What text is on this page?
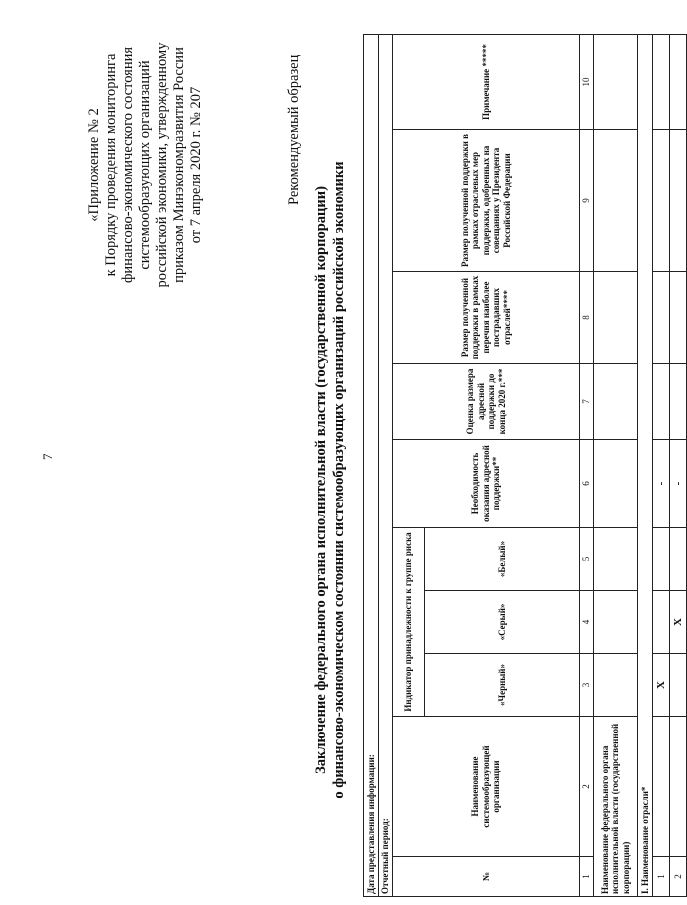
7
«Приложение № 2 к Порядку проведения мониторинга финансово-экономического состояния системообразующих организаций российской экономики, утвержденному приказом Минэкономразвития России от 7 апреля 2020 г. № 207	Рекомендуемый образец
Заключение федерального органа исполнительной власти (государственной корпорации) о финансово-экономическом состоянии системообразующих организаций российской экономики
Дата представления информации:									
Отчетный период:									
№	Наименование системообразующей организации	Индикатор принадлежности к группе риска			Необходимость оказания адресной поддержки**	Оценка размера адресной поддержки до конца 2020 г.***	Размер полученной поддержки в рамках перечня наиболее пострадавших отраслей****	Размер полученной поддержки в рамках отраслевых мер поддержки, одобренных на совещаниях у Президента Российской Федерации	Примечание *****
		«Черный»	«Серый»	«Белый»					
1	2	3	4	5	6	7	8	9	10
Наименование федерального органа исполнительной власти (государственной корпорации)									
I. Наименование отрасли*									
1		X			-				
2			X		-				
